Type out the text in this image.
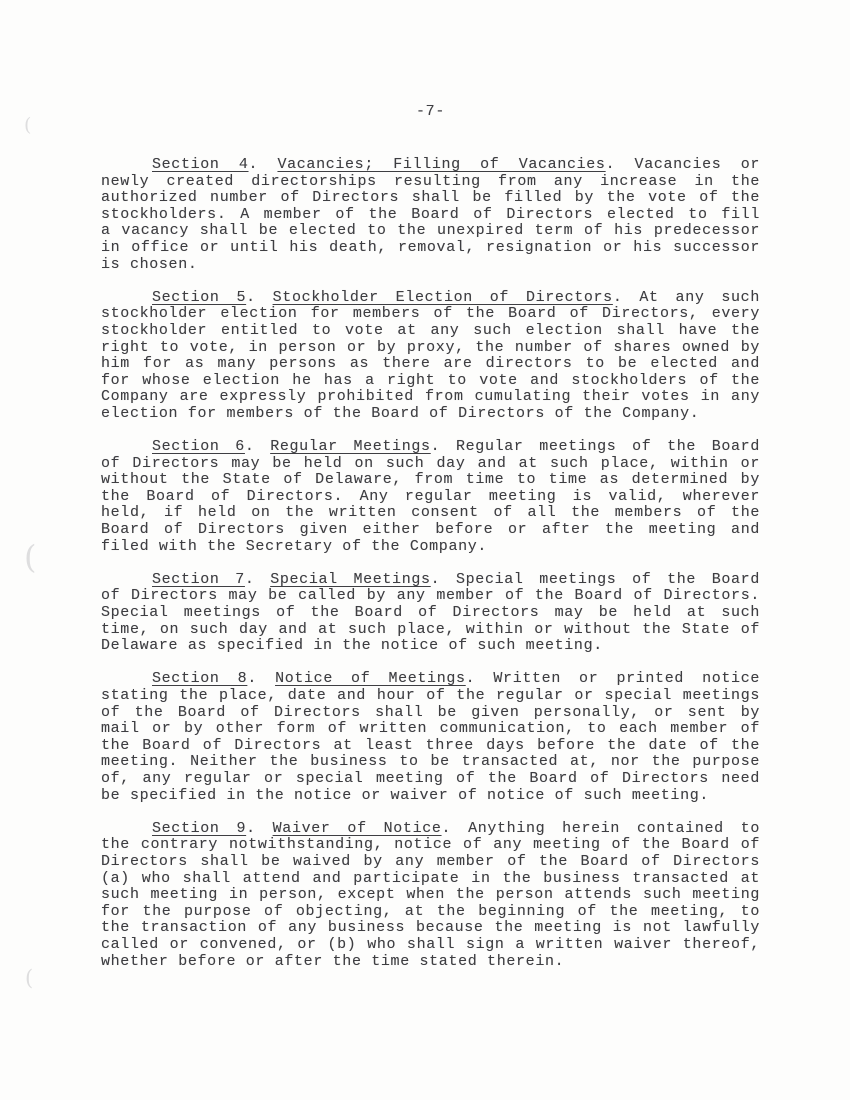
-7-
Section 4. Vacancies; Filling of Vacancies. Vacancies or
newly created directorships resulting from any increase in the
authorized number of Directors shall be filled by the vote of the
stockholders. A member of the Board of Directors elected to fill
a vacancy shall be elected to the unexpired term of his predecessor
in office or until his death, removal, resignation or his successor
is chosen.
Section 5. Stockholder Election of Directors. At any such
stockholder election for members of the Board of Directors, every
stockholder entitled to vote at any such election shall have the
right to vote, in person or by proxy, the number of shares owned by
him for as many persons as there are directors to be elected and
for whose election he has a right to vote and stockholders of the
Company are expressly prohibited from cumulating their votes in any
election for members of the Board of Directors of the Company.
Section 6. Regular Meetings. Regular meetings of the Board
of Directors may be held on such day and at such place, within or
without the State of Delaware, from time to time as determined by
the Board of Directors. Any regular meeting is valid, wherever
held, if held on the written consent of all the members of the
Board of Directors given either before or after the meeting and
filed with the Secretary of the Company.
Section 7. Special Meetings. Special meetings of the Board
of Directors may be called by any member of the Board of Directors.
Special meetings of the Board of Directors may be held at such
time, on such day and at such place, within or without the State of
Delaware as specified in the notice of such meeting.
Section 8. Notice of Meetings. Written or printed notice
stating the place, date and hour of the regular or special meetings
of the Board of Directors shall be given personally, or sent by
mail or by other form of written communication, to each member of
the Board of Directors at least three days before the date of the
meeting. Neither the business to be transacted at, nor the purpose
of, any regular or special meeting of the Board of Directors need
be specified in the notice or waiver of notice of such meeting.
Section 9. Waiver of Notice. Anything herein contained to
the contrary notwithstanding, notice of any meeting of the Board of
Directors shall be waived by any member of the Board of Directors
(a) who shall attend and participate in the business transacted at
such meeting in person, except when the person attends such meeting
for the purpose of objecting, at the beginning of the meeting, to
the transaction of any business because the meeting is not lawfully
called or convened, or (b) who shall sign a written waiver thereof,
whether before or after the time stated therein.
(
(
(
